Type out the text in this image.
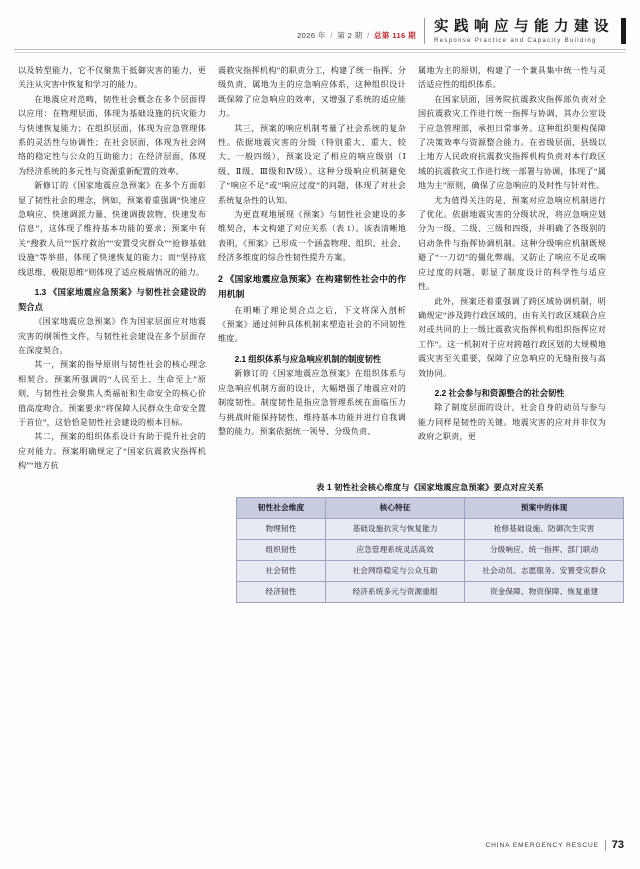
2026 年 / 第 2 期 / 总第 116 期
实践响应与能力建设
Response Practice and Capacity Building

以及转型能力，它不仅聚焦于抵御灾害的能力，更关注从灾害中恢复和学习的能力。

在地震应对范畴，韧性社会概念在多个层面得以应用：在物理层面，体现为基础设施的抗灾能力与快速恢复能力；在组织层面，体现为应急管理体系的灵活性与协调性；在社会层面，体现为社会网络的稳定性与公众的互助能力；在经济层面，体现为经济系统的多元性与资源重新配置的效率。

新修订的《国家地震应急预案》在多个方面彰显了韧性社会的理念，例如，预案着重强调“快速应急响应、快速调派力量、快速调拨款物、快速发布信息”，这体现了维持基本功能的要求；预案中有关“搜救人员”“医疗救治”“安置受灾群众”“抢修基础设施”等举措，体现了快速恢复的能力；而“坚持底线思维、极限思维”则体现了适应极端情况的能力。

1.3 《国家地震应急预案》与韧性社会建设的契合点

《国家地震应急预案》作为国家层面应对地震灾害的纲领性文件，与韧性社会建设在多个层面存在深度契合。

其一，预案的指导原则与韧性社会的核心理念相契合。预案所强调的“人民至上、生命至上”原则，与韧性社会聚焦人类福祉和生命安全的核心价值高度吻合。预案要求“将保障人民群众生命安全置于首位”，这恰恰是韧性社会建设的根本目标。

其二，预案的组织体系设计有助于提升社会的应对能力。预案明确规定了“国家抗震救灾指挥机构”“地方抗

震救灾指挥机构”的职责分工，构建了统一指挥、分级负责、属地为主的应急响应体系，这种组织设计既保障了应急响应的效率，又增强了系统的适应能力。

其三，预案的响应机制考量了社会系统的复杂性。依据地震灾害的分级（特别重大、重大、较大、一般四级），预案设定了相应的响应级别（Ⅰ级、Ⅱ级、Ⅲ级和Ⅳ级）。这种分级响应机制避免了“响应不足”或“响应过度”的问题，体现了对社会系统复杂性的认知。

为更直观地展现《预案》与韧性社会建设的多维契合，本文构建了对应关系（表 1）。该表清晰地表明，《预案》已形成一个涵盖物理、组织、社会、经济多维度的综合性韧性提升方案。

2 《国家地震应急预案》在构建韧性社会中的作用机制

在明晰了理论契合点之后，下文将深入剖析《预案》通过何种具体机制来塑造社会的不同韧性维度。

2.1 组织体系与应急响应机制的制度韧性

新修订的《国家地震应急预案》在组织体系与应急响应机制方面的设计，大幅增强了地震应对的制度韧性。制度韧性是指应急管理系统在面临压力与挑战时能保持韧性，维持基本功能并进行自我调整的能力。预案依据统一领导、分级负责、

属地为主的原则，构建了一个兼具集中统一性与灵活适应性的组织体系。

在国家层面，国务院抗震救灾指挥部负责对全国抗震救灾工作进行统一指挥与协调，其办公室设于应急管理部，承担日常事务。这种组织架构保障了决策效率与资源整合能力。在省级层面，县级以上地方人民政府抗震救灾指挥机构负责对本行政区域的抗震救灾工作进行统一部署与协调，体现了“属地为主”原则，确保了应急响应的及时性与针对性。

尤为值得关注的是，预案对应急响应机制进行了优化。依据地震灾害的分级状况，将应急响应划分为一级、二级、三级和四级，并明确了各级别的启动条件与指挥协调机制。这种分级响应机制既规避了“一刀切”的僵化弊端，又防止了响应不足或响应过度的问题，彰显了制度设计的科学性与适应性。

此外，预案还着重强调了跨区域协调机制，明确规定“涉及跨行政区域的，由有关行政区域联合应对或共同的上一级比震救灾指挥机构组织指挥应对工作”。这一机制对于应对跨越行政区划的大规模地震灾害至关重要，保障了应急响应的无缝衔接与高效协同。

2.2 社会参与和资源整合的社会韧性

除了制度层面的设计，社会自身的动员与参与能力同样是韧性的关键。地震灾害的应对并非仅为政府之职责，更

表 1 韧性社会核心维度与《国家地震应急预案》要点对应关系
韧性社会维度	核心特征	预案中的体现
物理韧性	基础设施抗灾与恢复能力	抢修基础设施、防御次生灾害
组织韧性	应急管理系统灵活高效	分级响应、统一指挥、部门联动
社会韧性	社会网络稳定与公众互助	社会动员、志愿服务、安置受灾群众
经济韧性	经济系统多元与资源重组	资金保障、物资保障、恢复重建
CHINA EMERGENCY RESCUE 73
